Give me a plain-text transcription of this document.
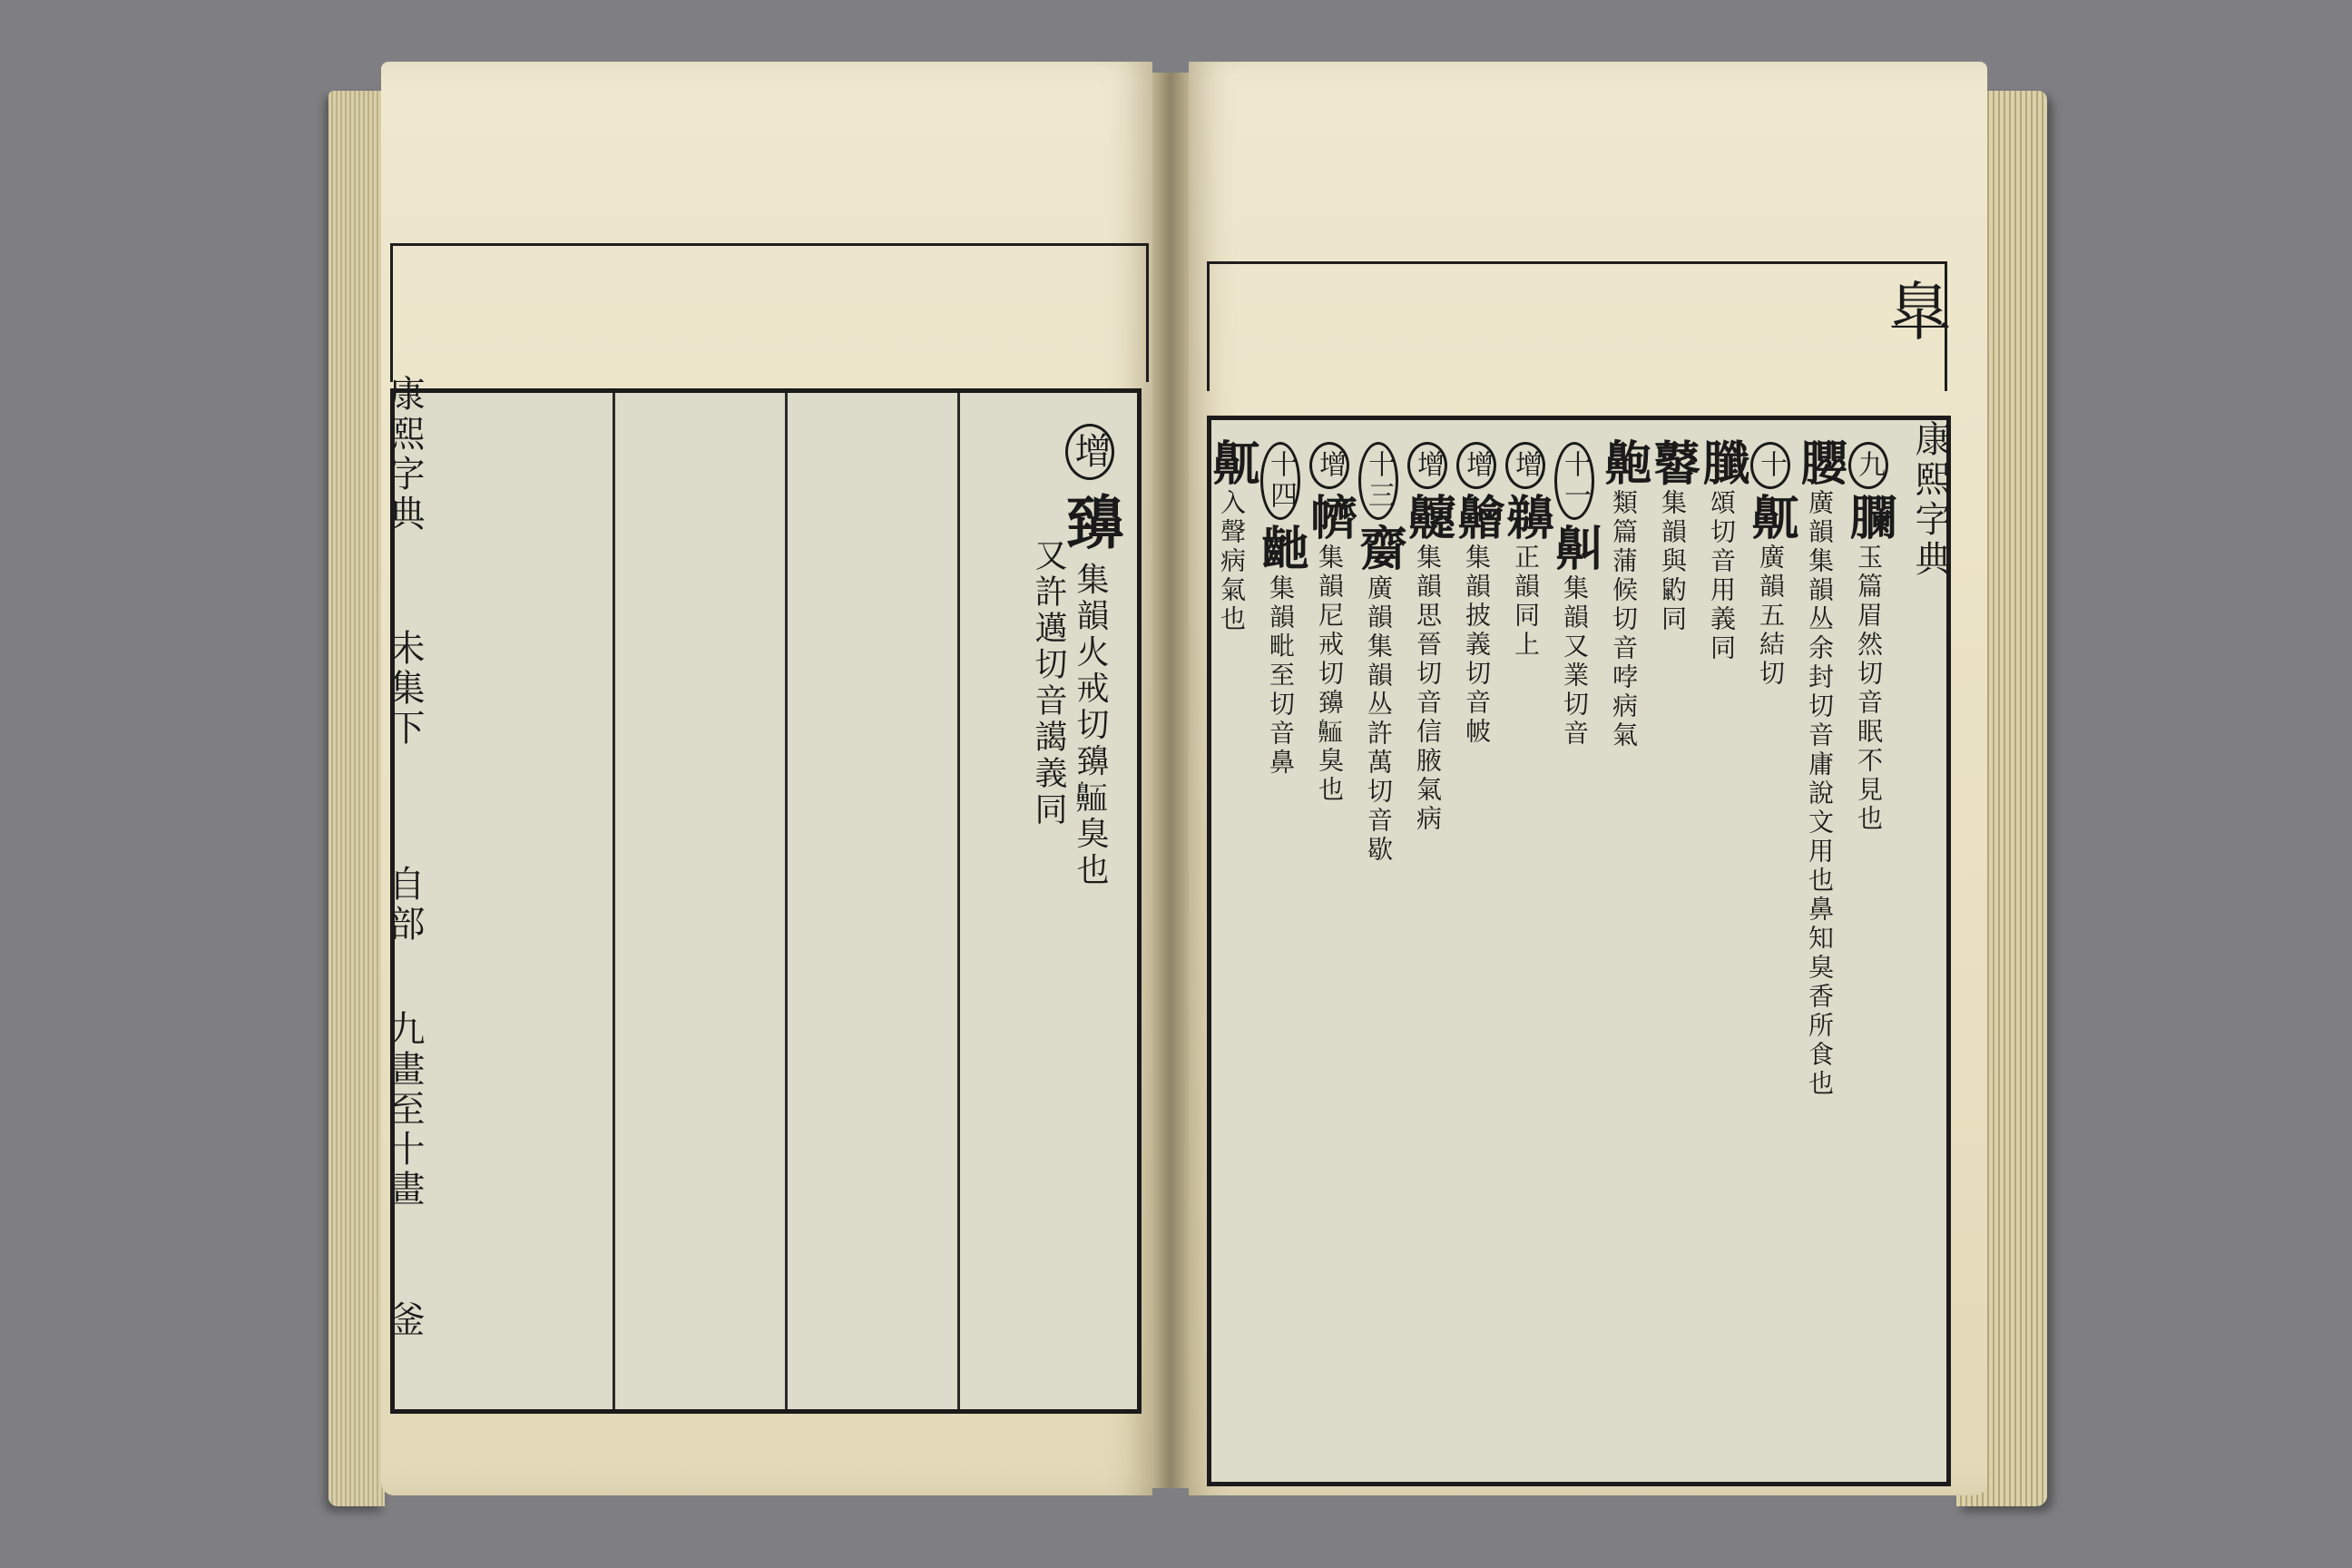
增 䶍 集韻火戒切䶍𪖩臭也
又許邁切音譪義同
康熙字典
未集下
自部
九畫至十畫
釜
臯
康熙字典
九䑌玉篇眉然切音眠不見也
䑍廣韻集韻丛余封切音庸說文用也鼻知臭香所食也
十鼿廣韻五結切
䑎頌切音用義同
䶁集韻與䶂同
䶌類篇蒲候切音哱病氣
十一鼼集韻又業切音
增䶏正韻同上
增䶐集韻披義切音帔
增䶑集韻思晉切音信腋氣病
十三䶒廣韻集韻丛許萬切音歇
增䶓集韻尼戒切䶍𪖩臭也
十四䶔集韻毗至切音鼻
鼿入聲病氣也
